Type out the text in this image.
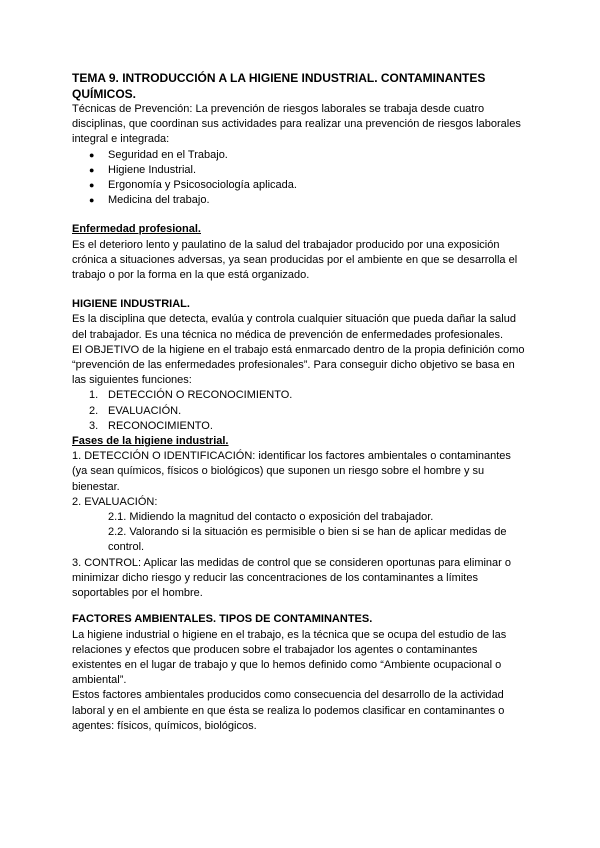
TEMA 9. INTRODUCCIÓN A LA HIGIENE INDUSTRIAL. CONTAMINANTES QUÍMICOS.

Técnicas de Prevención: La prevención de riesgos laborales se trabaja desde cuatro disciplinas, que coordinan sus actividades para realizar una prevención de riesgos laborales integral e integrada:

● Seguridad en el Trabajo.
● Higiene Industrial.
● Ergonomía y Psicosociología aplicada.
● Medicina del trabajo.

Enfermedad profesional.

Es el deterioro lento y paulatino de la salud del trabajador producido por una exposición crónica a situaciones adversas, ya sean producidas por el ambiente en que se desarrolla el trabajo o por la forma en la que está organizado.

HIGIENE INDUSTRIAL.

Es la disciplina que detecta, evalúa y controla cualquier situación que pueda dañar la salud del trabajador. Es una técnica no médica de prevención de enfermedades profesionales.

El OBJETIVO de la higiene en el trabajo está enmarcado dentro de la propia definición como “prevención de las enfermedades profesionales”. Para conseguir dicho objetivo se basa en las siguientes funciones:

1. DETECCIÓN O RECONOCIMIENTO.
2. EVALUACIÓN.
3. RECONOCIMIENTO.

Fases de la higiene industrial.

1. DETECCIÓN O IDENTIFICACIÓN: identificar los factores ambientales o contaminantes (ya sean químicos, físicos o biológicos) que suponen un riesgo sobre el hombre y su bienestar.

2. EVALUACIÓN:

2.1. Midiendo la magnitud del contacto o exposición del trabajador.

2.2. Valorando si la situación es permisible o bien si se han de aplicar medidas de control.

3. CONTROL: Aplicar las medidas de control que se consideren oportunas para eliminar o minimizar dicho riesgo y reducir las concentraciones de los contaminantes a límites soportables por el hombre.

FACTORES AMBIENTALES. TIPOS DE CONTAMINANTES.

La higiene industrial o higiene en el trabajo, es la técnica que se ocupa del estudio de las relaciones y efectos que producen sobre el trabajador los agentes o contaminantes existentes en el lugar de trabajo y que lo hemos definido como “Ambiente ocupacional o ambiental”.

Estos factores ambientales producidos como consecuencia del desarrollo de la actividad laboral y en el ambiente en que ésta se realiza lo podemos clasificar en contaminantes o agentes: físicos, químicos, biológicos.
